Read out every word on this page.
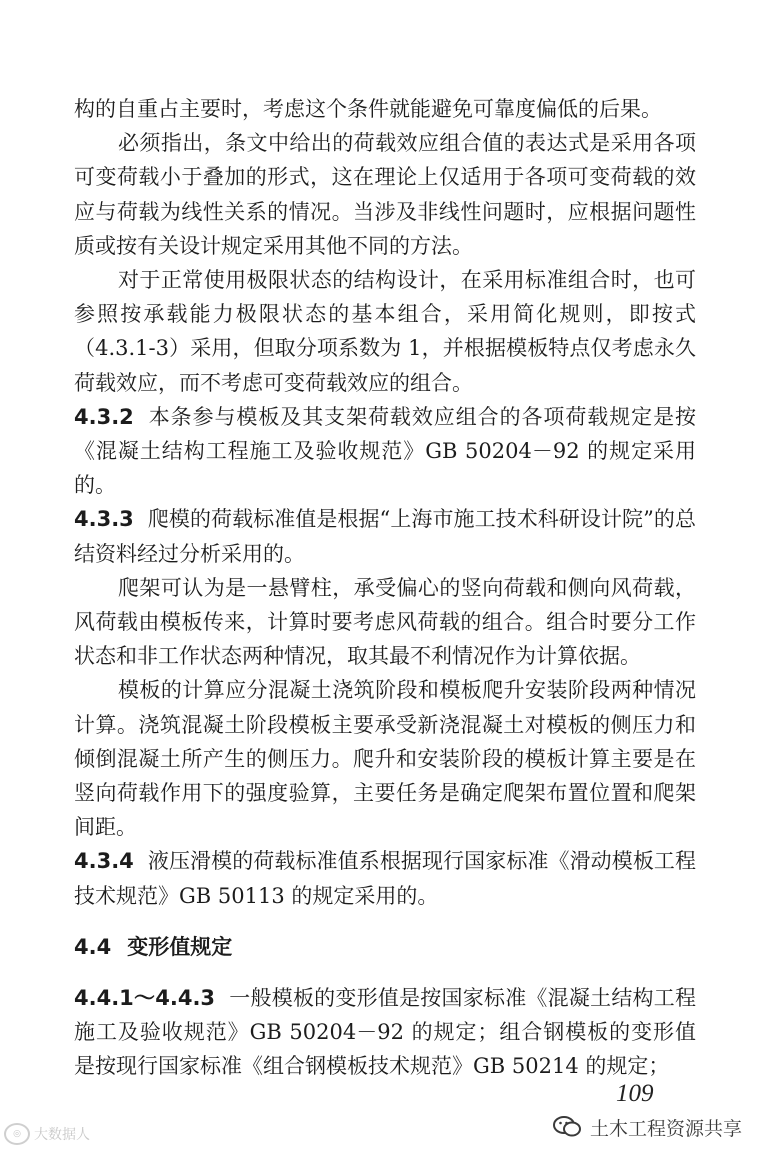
构的自重占主要时，考虑这个条件就能避免可靠度偏低的后果。

必须指出，条文中给出的荷载效应组合值的表达式是采用各项可变荷载小于叠加的形式，这在理论上仅适用于各项可变荷载的效应与荷载为线性关系的情况。当涉及非线性问题时，应根据问题性质或按有关设计规定采用其他不同的方法。

对于正常使用极限状态的结构设计，在采用标准组合时，也可参照按承载能力极限状态的基本组合，采用简化规则，即按式（4.3.1-3）采用，但取分项系数为 1，并根据模板特点仅考虑永久荷载效应，而不考虑可变荷载效应的组合。

4.3.2 本条参与模板及其支架荷载效应组合的各项荷载规定是按《混凝土结构工程施工及验收规范》GB 50204－92 的规定采用的。

4.3.3 爬模的荷载标准值是根据“上海市施工技术科研设计院”的总结资料经过分析采用的。

爬架可认为是一悬臂柱，承受偏心的竖向荷载和侧向风荷载，风荷载由模板传来，计算时要考虑风荷载的组合。组合时要分工作状态和非工作状态两种情况，取其最不利情况作为计算依据。

模板的计算应分混凝土浇筑阶段和模板爬升安装阶段两种情况计算。浇筑混凝土阶段模板主要承受新浇混凝土对模板的侧压力和倾倒混凝土所产生的侧压力。爬升和安装阶段的模板计算主要是在竖向荷载作用下的强度验算，主要任务是确定爬架布置位置和爬架间距。

4.3.4 液压滑模的荷载标准值系根据现行国家标准《滑动模板工程技术规范》GB 50113 的规定采用的。

4.4 变形值规定

4.4.1～4.4.3 一般模板的变形值是按国家标准《混凝土结构工程施工及验收规范》GB 50204－92 的规定；组合钢模板的变形值是按现行国家标准《组合钢模板技术规范》GB 50214 的规定；

109
◎ 大数据人	土木工程资源共享
